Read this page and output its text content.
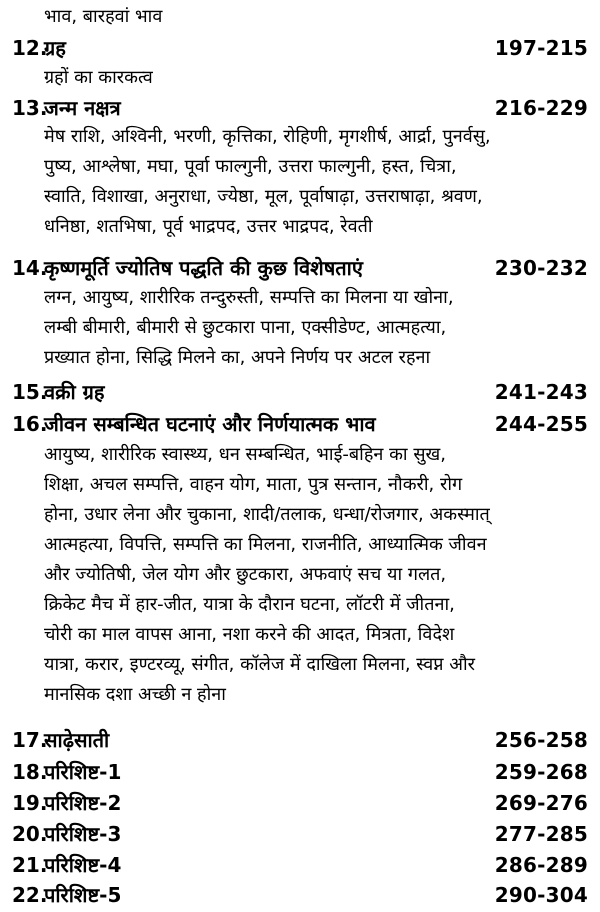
भाव, बारहवां भाव
12.ग्रह	197-215
ग्रहों का कारकत्व
13.जन्म नक्षत्र	216-229
मेष राशि, अश्विनी, भरणी, कृत्तिका, रोहिणी, मृगशीर्ष, आर्द्रा, पुनर्वसु,
पुष्य, आश्लेषा, मघा, पूर्वा फाल्गुनी, उत्तरा फाल्गुनी, हस्त, चित्रा,
स्वाति, विशाखा, अनुराधा, ज्येष्ठा, मूल, पूर्वाषाढ़ा, उत्तराषाढ़ा, श्रवण,
धनिष्ठा, शतभिषा, पूर्व भाद्रपद, उत्तर भाद्रपद, रेवती
14.कृष्णमूर्ति ज्योतिष पद्धति की कुछ विशेषताएं	230-232
लग्न, आयुष्य, शारीरिक तन्दुरुस्ती, सम्पत्ति का मिलना या खोना,
लम्बी बीमारी, बीमारी से छुटकारा पाना, एक्सीडेण्ट, आत्महत्या,
प्रख्यात होना, सिद्धि मिलने का, अपने निर्णय पर अटल रहना
15.वक्री ग्रह	241-243
16.जीवन सम्बन्धित घटनाएं और निर्णयात्मक भाव	244-255
आयुष्य, शारीरिक स्वास्थ्य, धन सम्बन्धित, भाई-बहिन का सुख,
शिक्षा, अचल सम्पत्ति, वाहन योग, माता, पुत्र सन्तान, नौकरी, रोग
होना, उधार लेना और चुकाना, शादी/तलाक, धन्धा/रोजगार, अकस्मात्
आत्महत्या, विपत्ति, सम्पत्ति का मिलना, राजनीति, आध्यात्मिक जीवन
और ज्योतिषी, जेल योग और छुटकारा, अफवाएं सच या गलत,
क्रिकेट मैच में हार-जीत, यात्रा के दौरान घटना, लॉटरी में जीतना,
चोरी का माल वापस आना, नशा करने की आदत, मित्रता, विदेश
यात्रा, करार, इण्टरव्यू, संगीत, कॉलेज में दाखिला मिलना, स्वप्न और
मानसिक दशा अच्छी न होना
17.साढ़ेसाती	256-258
18.परिशिष्ट-1	259-268
19.परिशिष्ट-2	269-276
20.परिशिष्ट-3	277-285
21.परिशिष्ट-4	286-289
22.परिशिष्ट-5	290-304
